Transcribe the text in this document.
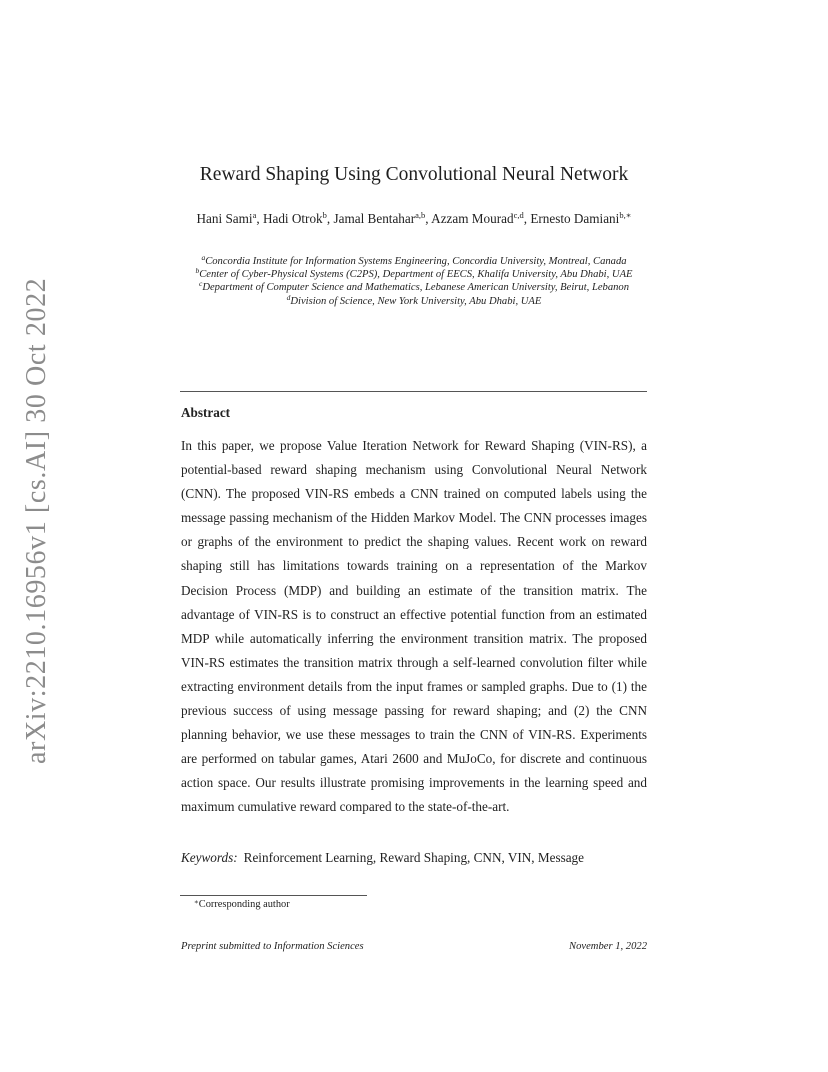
arXiv:2210.16956v1 [cs.AI] 30 Oct 2022
Reward Shaping Using Convolutional Neural Network
Hani Sami$^a$, Hadi Otrok$^b$, Jamal Bentahar$^{a,b}$, Azzam Mourad$^{c,d}$, Ernesto Damiani$^{b,∗}$
$^a$Concordia Institute for Information Systems Engineering, Concordia University, Montreal, Canada
$^b$Center of Cyber-Physical Systems (C2PS), Department of EECS, Khalifa University, Abu Dhabi, UAE
$^c$Department of Computer Science and Mathematics, Lebanese American University, Beirut, Lebanon
$^d$Division of Science, New York University, Abu Dhabi, UAE
Abstract
In this paper, we propose Value Iteration Network for Reward Shaping (VIN-RS), a potential-based reward shaping mechanism using Convolutional Neural Network (CNN). The proposed VIN-RS embeds a CNN trained on computed labels using the message passing mechanism of the Hidden Markov Model. The CNN processes images or graphs of the environment to predict the shaping values. Recent work on reward shaping still has limitations towards training on a representation of the Markov Decision Process (MDP) and building an estimate of the transition matrix. The advantage of VIN-RS is to construct an effective potential function from an estimated MDP while automatically inferring the environment transition matrix. The proposed VIN-RS estimates the transition matrix through a self-learned convolution filter while extracting environment details from the input frames or sampled graphs. Due to (1) the previous success of using message passing for reward shaping; and (2) the CNN planning behavior, we use these messages to train the CNN of VIN-RS. Experiments are performed on tabular games, Atari 2600 and MuJoCo, for discrete and continuous action space. Our results illustrate promising improvements in the learning speed and maximum cumulative reward compared to the state-of-the-art.
Keywords: Reinforcement Learning, Reward Shaping, CNN, VIN, Message
∗Corresponding author
Preprint submitted to Information Sciences	November 1, 2022
